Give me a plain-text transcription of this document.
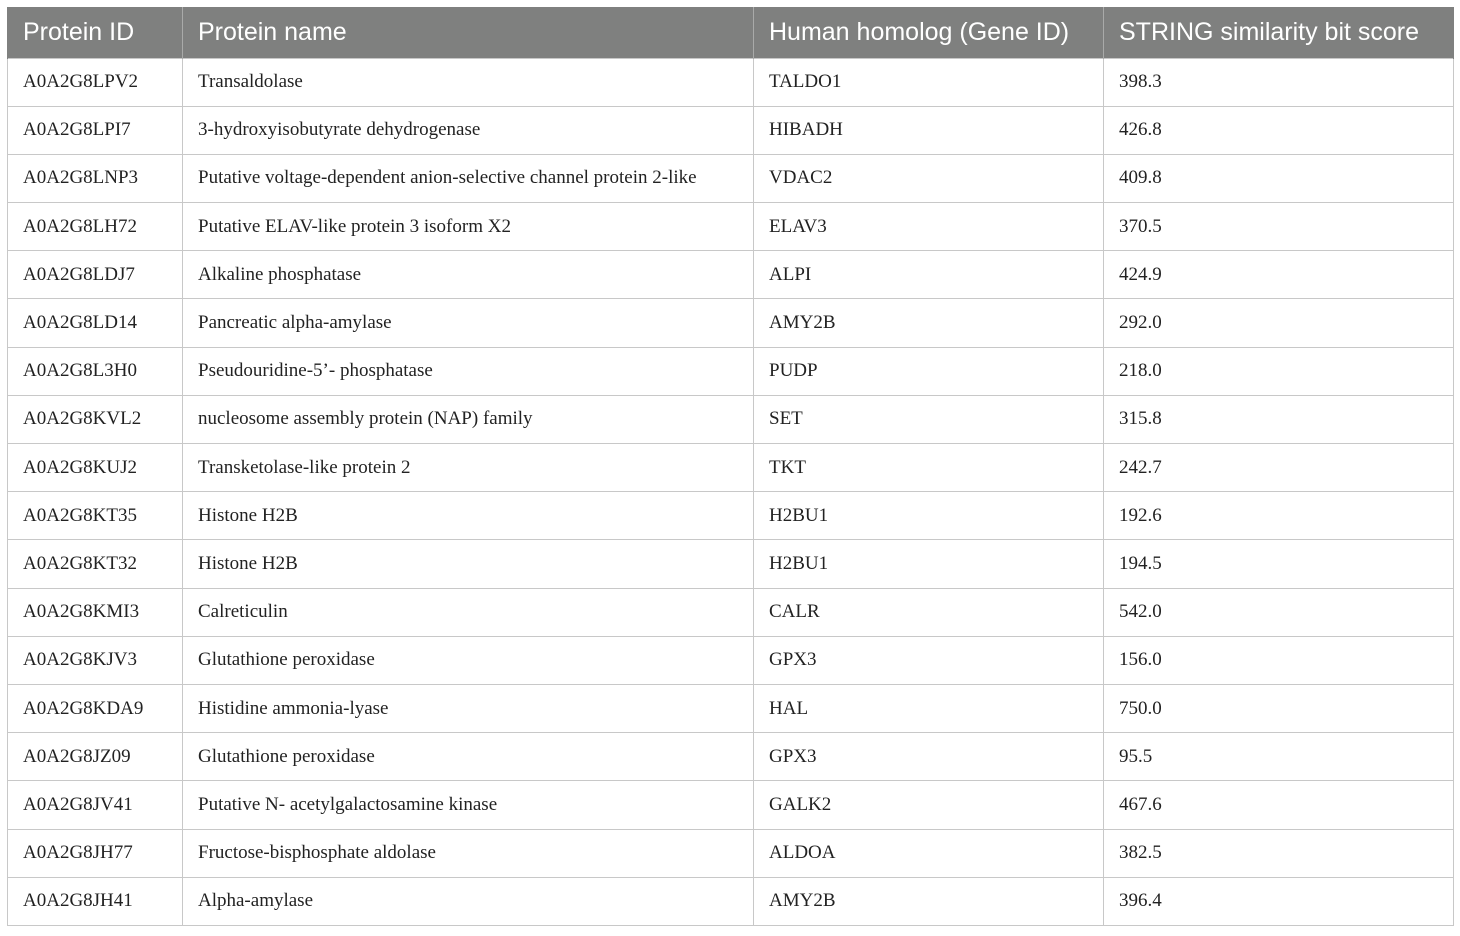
Protein ID	Protein name	Human homolog (Gene ID)	STRING similarity bit score
A0A2G8LPV2	Transaldolase	TALDO1	398.3
A0A2G8LPI7	3-hydroxyisobutyrate dehydrogenase	HIBADH	426.8
A0A2G8LNP3	Putative voltage-dependent anion-selective channel protein 2-like	VDAC2	409.8
A0A2G8LH72	Putative ELAV-like protein 3 isoform X2	ELAV3	370.5
A0A2G8LDJ7	Alkaline phosphatase	ALPI	424.9
A0A2G8LD14	Pancreatic alpha-amylase	AMY2B	292.0
A0A2G8L3H0	Pseudouridine-5’- phosphatase	PUDP	218.0
A0A2G8KVL2	nucleosome assembly protein (NAP) family	SET	315.8
A0A2G8KUJ2	Transketolase-like protein 2	TKT	242.7
A0A2G8KT35	Histone H2B	H2BU1	192.6
A0A2G8KT32	Histone H2B	H2BU1	194.5
A0A2G8KMI3	Calreticulin	CALR	542.0
A0A2G8KJV3	Glutathione peroxidase	GPX3	156.0
A0A2G8KDA9	Histidine ammonia-lyase	HAL	750.0
A0A2G8JZ09	Glutathione peroxidase	GPX3	95.5
A0A2G8JV41	Putative N- acetylgalactosamine kinase	GALK2	467.6
A0A2G8JH77	Fructose-bisphosphate aldolase	ALDOA	382.5
A0A2G8JH41	Alpha-amylase	AMY2B	396.4
